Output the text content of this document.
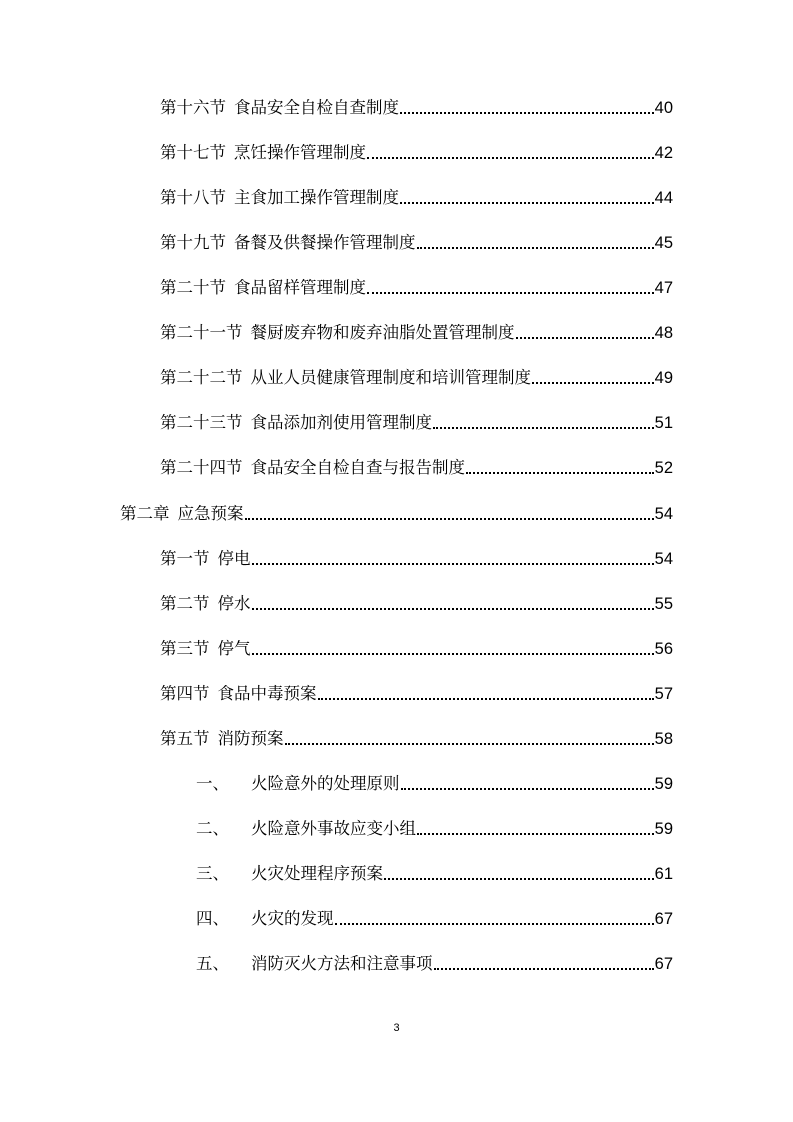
第十六节 食品安全自检自查制度	40
第十七节 烹饪操作管理制度	42
第十八节 主食加工操作管理制度	44
第十九节 备餐及供餐操作管理制度	45
第二十节 食品留样管理制度	47
第二十一节 餐厨废弃物和废弃油脂处置管理制度	48
第二十二节 从业人员健康管理制度和培训管理制度	49
第二十三节 食品添加剂使用管理制度	51
第二十四节 食品安全自检自查与报告制度	52
第二章 应急预案	54
第一节 停电	54
第二节 停水	55
第三节 停气	56
第四节 食品中毒预案	57
第五节 消防预案	58
一、 火险意外的处理原则	59
二、 火险意外事故应变小组	59
三、 火灾处理程序预案	61
四、 火灾的发现	67
五、 消防灭火方法和注意事项	67
3
